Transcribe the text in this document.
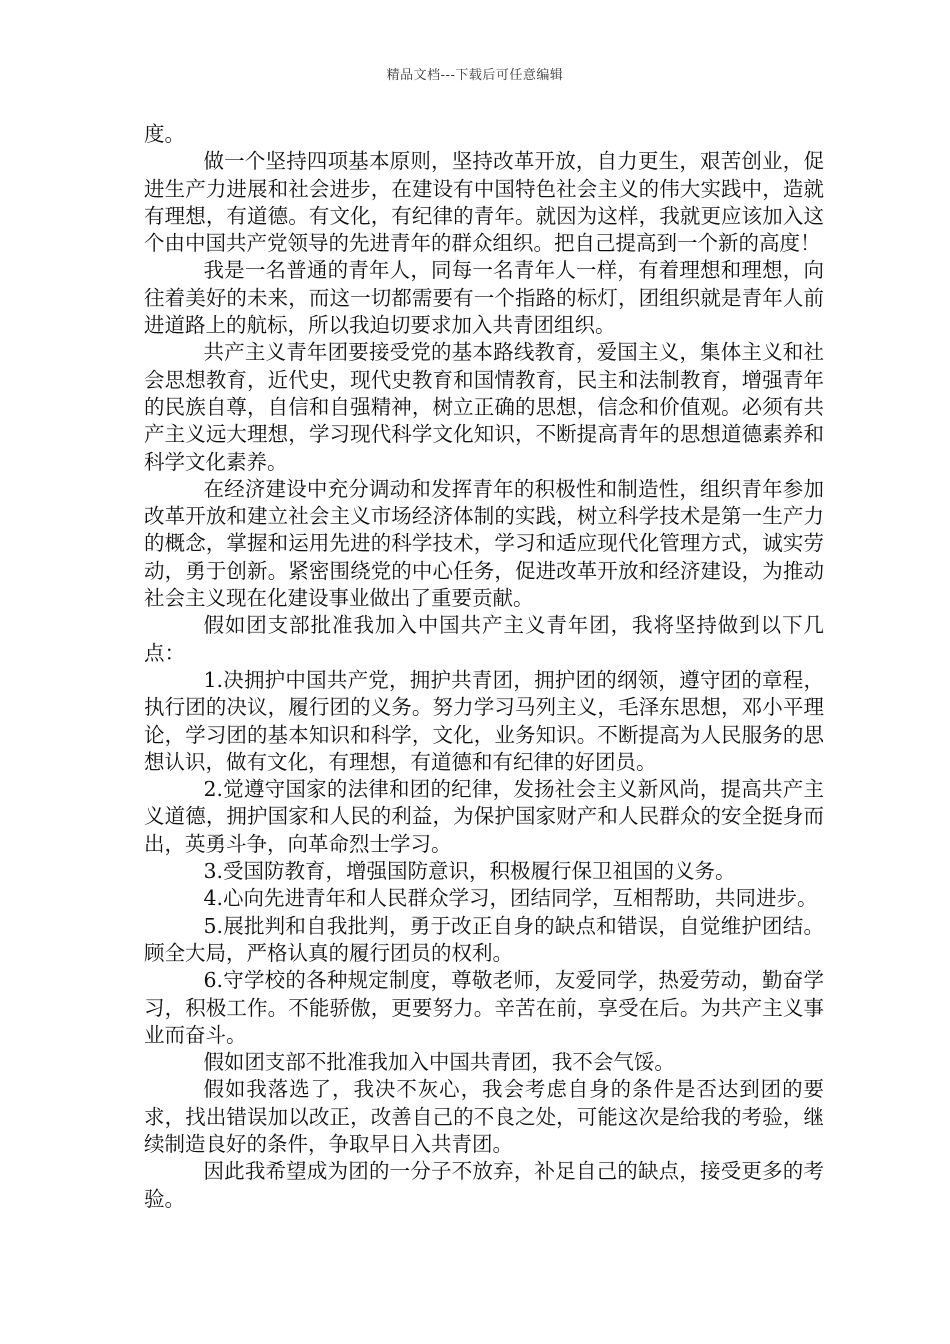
精品文档---下载后可任意编辑

度。

做一个坚持四项基本原则，坚持改革开放，自力更生，艰苦创业，促进生产力进展和社会进步，在建设有中国特色社会主义的伟大实践中，造就有理想，有道德。有文化，有纪律的青年。就因为这样，我就更应该加入这个由中国共产党领导的先进青年的群众组织。把自己提高到一个新的高度！

我是一名普通的青年人，同每一名青年人一样，有着理想和理想，向往着美好的未来，而这一切都需要有一个指路的标灯，团组织就是青年人前进道路上的航标，所以我迫切要求加入共青团组织。

共产主义青年团要接受党的基本路线教育，爱国主义，集体主义和社会思想教育，近代史，现代史教育和国情教育，民主和法制教育，增强青年的民族自尊，自信和自强精神，树立正确的思想，信念和价值观。必须有共产主义远大理想，学习现代科学文化知识，不断提高青年的思想道德素养和科学文化素养。

在经济建设中充分调动和发挥青年的积极性和制造性，组织青年参加改革开放和建立社会主义市场经济体制的实践，树立科学技术是第一生产力的概念，掌握和运用先进的科学技术，学习和适应现代化管理方式，诚实劳动，勇于创新。紧密围绕党的中心任务，促进改革开放和经济建设，为推动社会主义现在化建设事业做出了重要贡献。

假如团支部批准我加入中国共产主义青年团，我将坚持做到以下几点：

1.决拥护中国共产党，拥护共青团，拥护团的纲领，遵守团的章程，执行团的决议，履行团的义务。努力学习马列主义，毛泽东思想，邓小平理论，学习团的基本知识和科学，文化，业务知识。不断提高为人民服务的思想认识，做有文化，有理想，有道德和有纪律的好团员。

2.觉遵守国家的法律和团的纪律，发扬社会主义新风尚，提高共产主义道德，拥护国家和人民的利益，为保护国家财产和人民群众的安全挺身而出，英勇斗争，向革命烈士学习。

3.受国防教育，增强国防意识，积极履行保卫祖国的义务。

4.心向先进青年和人民群众学习，团结同学，互相帮助，共同进步。

5.展批判和自我批判，勇于改正自身的缺点和错误，自觉维护团结。顾全大局，严格认真的履行团员的权利。

6.守学校的各种规定制度，尊敬老师，友爱同学，热爱劳动，勤奋学习，积极工作。不能骄傲，更要努力。辛苦在前，享受在后。为共产主义事业而奋斗。

假如团支部不批准我加入中国共青团，我不会气馁。

假如我落选了，我决不灰心，我会考虑自身的条件是否达到团的要求，找出错误加以改正，改善自己的不良之处，可能这次是给我的考验，继续制造良好的条件，争取早日入共青团。

因此我希望成为团的一分子不放弃，补足自己的缺点，接受更多的考验。
